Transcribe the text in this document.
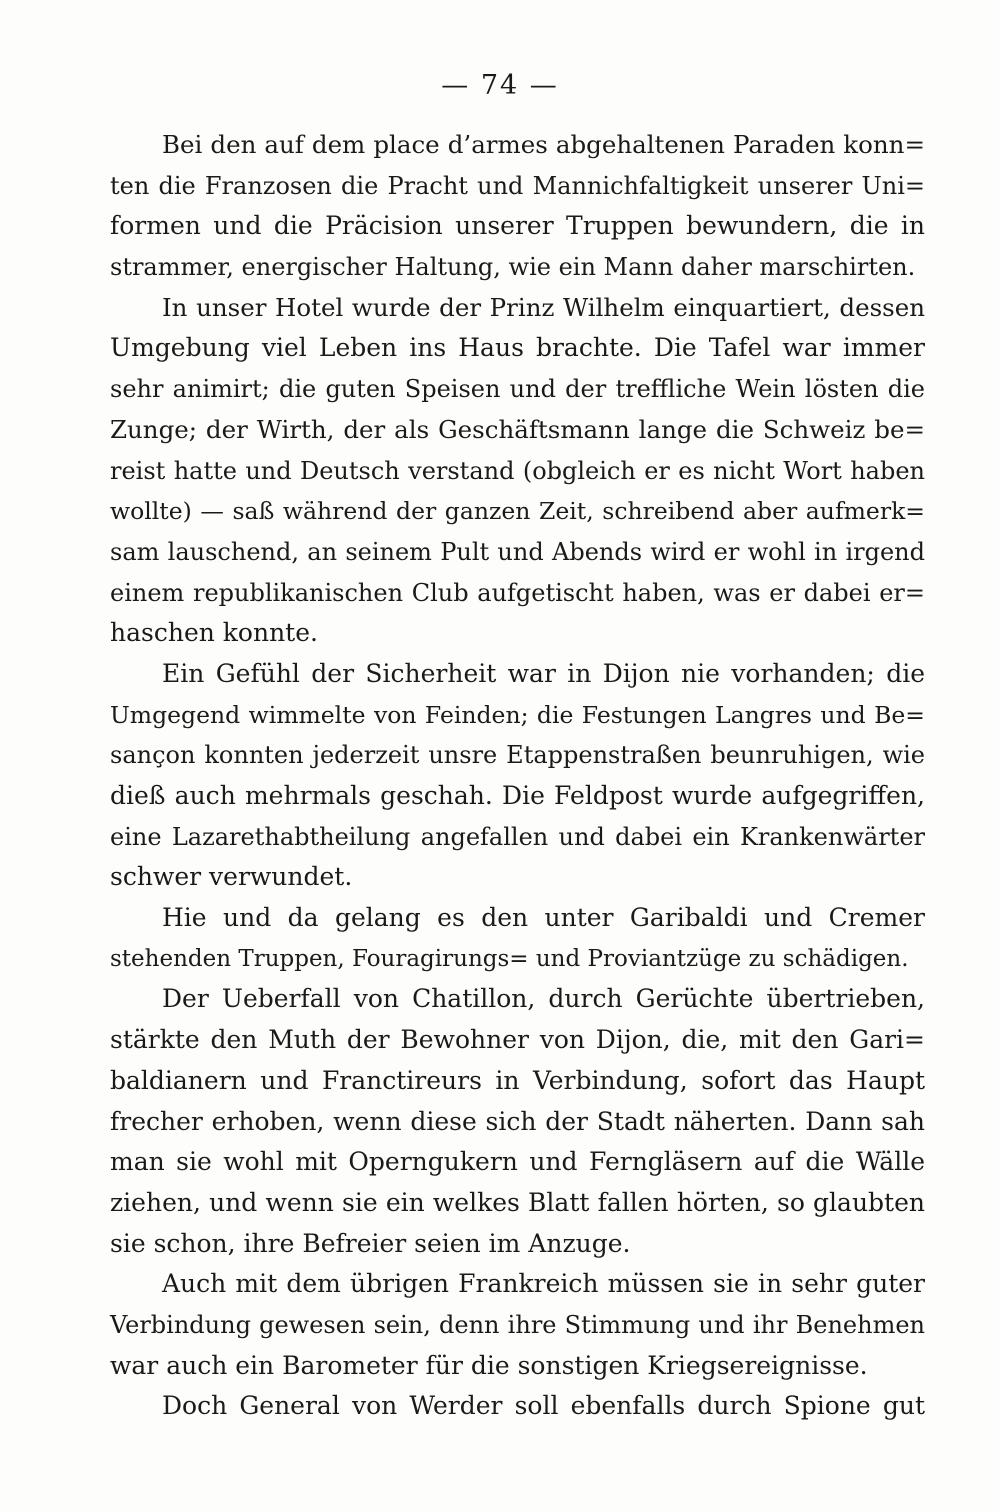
— 74 —
Bei den auf dem place d’armes abgehaltenen Paraden konn=
ten die Franzosen die Pracht und Mannichfaltigkeit unserer Uni=
formen und die Präcision unserer Truppen bewundern, die in
strammer, energischer Haltung, wie ein Mann daher marschirten.
In unser Hotel wurde der Prinz Wilhelm einquartiert, dessen
Umgebung viel Leben ins Haus brachte. Die Tafel war immer
sehr animirt; die guten Speisen und der treffliche Wein lösten die
Zunge; der Wirth, der als Geschäftsmann lange die Schweiz be=
reist hatte und Deutsch verstand (obgleich er es nicht Wort haben
wollte) — saß während der ganzen Zeit, schreibend aber aufmerk=
sam lauschend, an seinem Pult und Abends wird er wohl in irgend
einem republikanischen Club aufgetischt haben, was er dabei er=
haschen konnte.
Ein Gefühl der Sicherheit war in Dijon nie vorhanden; die
Umgegend wimmelte von Feinden; die Festungen Langres und Be=
sançon konnten jederzeit unsre Etappenstraßen beunruhigen, wie
dieß auch mehrmals geschah. Die Feldpost wurde aufgegriffen,
eine Lazarethabtheilung angefallen und dabei ein Krankenwärter
schwer verwundet.
Hie und da gelang es den unter Garibaldi und Cremer
stehenden Truppen, Fouragirungs= und Proviantzüge zu schädigen.
Der Ueberfall von Chatillon, durch Gerüchte übertrieben,
stärkte den Muth der Bewohner von Dijon, die, mit den Gari=
baldianern und Franctireurs in Verbindung, sofort das Haupt
frecher erhoben, wenn diese sich der Stadt näherten. Dann sah
man sie wohl mit Operngukern und Ferngläsern auf die Wälle
ziehen, und wenn sie ein welkes Blatt fallen hörten, so glaubten
sie schon, ihre Befreier seien im Anzuge.
Auch mit dem übrigen Frankreich müssen sie in sehr guter
Verbindung gewesen sein, denn ihre Stimmung und ihr Benehmen
war auch ein Barometer für die sonstigen Kriegsereignisse.
Doch General von Werder soll ebenfalls durch Spione gut
